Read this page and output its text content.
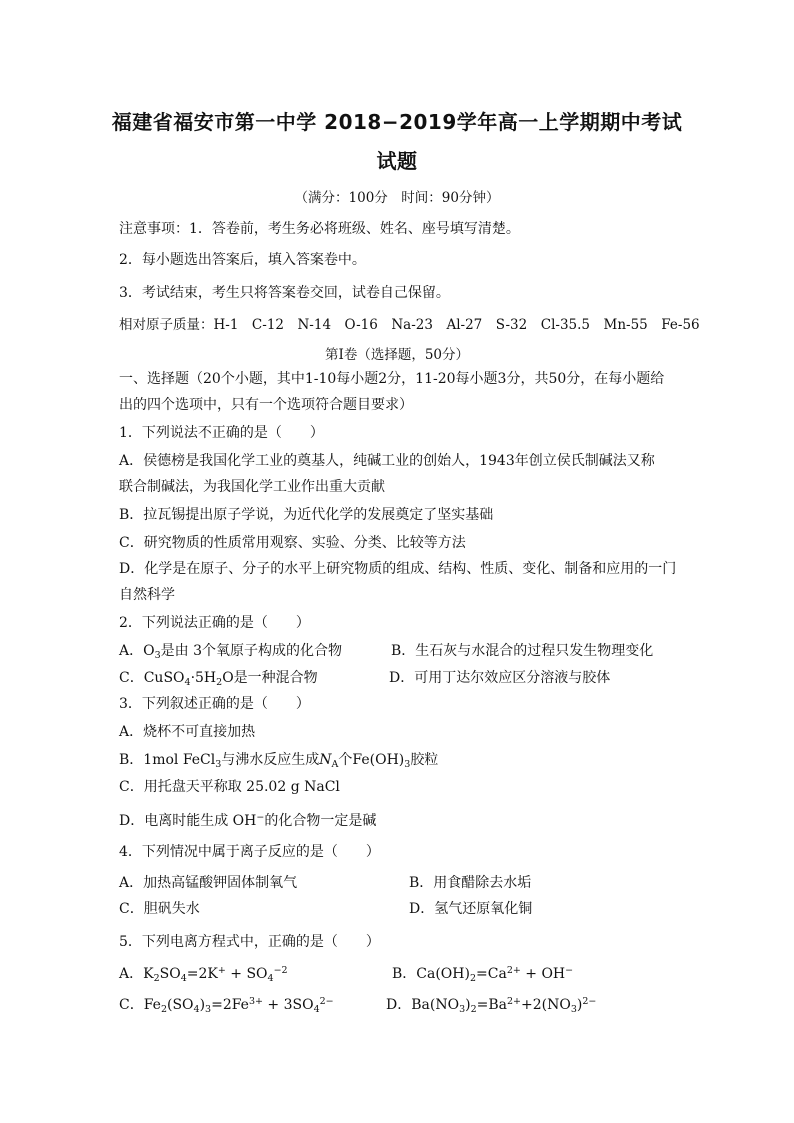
福建省福安市第一中学 2018−2019学年高一上学期期中考试
试题
（满分：100分　时间：90分钟）
注意事项：1．答卷前，考生务必将班级、姓名、座号填写清楚。
2．每小题选出答案后，填入答案卷中。
3．考试结束，考生只将答案卷交回，试卷自己保留。
相对原子质量：H-1　C-12　N-14　O-16　Na-23　Al-27　S-32　Cl-35.5　Mn-55　Fe-56
第Ⅰ卷（选择题，50分）
一、选择题（20个小题，其中1-10每小题2分，11-20每小题3分，共50分，在每小题给
出的四个选项中，只有一个选项符合题目要求）
1．下列说法不正确的是（　　）
A．侯德榜是我国化学工业的奠基人，纯碱工业的创始人，1943年创立侯氏制碱法又称
联合制碱法，为我国化学工业作出重大贡献
B．拉瓦锡提出原子学说，为近代化学的发展奠定了坚实基础
C．研究物质的性质常用观察、实验、分类、比较等方法
D．化学是在原子、分子的水平上研究物质的组成、结构、性质、变化、制备和应用的一门
自然科学
2．下列说法正确的是（　　）
A．$O_3$是由 3个氧原子构成的化合物	B．生石灰与水混合的过程只发生物理变化
C．$CuSO_4\cdot 5H_2O$是一种混合物	D．可用丁达尔效应区分溶液与胶体
3．下列叙述正确的是（　　）
A．烧杯不可直接加热
B．1mol FeCl$_3$与沸水反应生成$N_A$个$Fe(OH)_3$胶粒
C．用托盘天平称取 25.02 g NaCl
D．电离时能生成 OH−的化合物一定是碱
4．下列情况中属于离子反应的是（　　）
A．加热高锰酸钾固体制氧气	B．用食醋除去水垢
C．胆矾失水	D．氢气还原氧化铜
5．下列电离方程式中，正确的是（　　）
A．$K_2SO_4=2K^+ + SO_4^{-2}$	B．$Ca(OH)_2=Ca^{2+} + OH^-$
C．$Fe_2(SO_4)_3=2Fe^{3+} + 3SO_4^{2-}$	D．$Ba(NO_3)_2=Ba^{2+}+2(NO_3)^{2-}$
